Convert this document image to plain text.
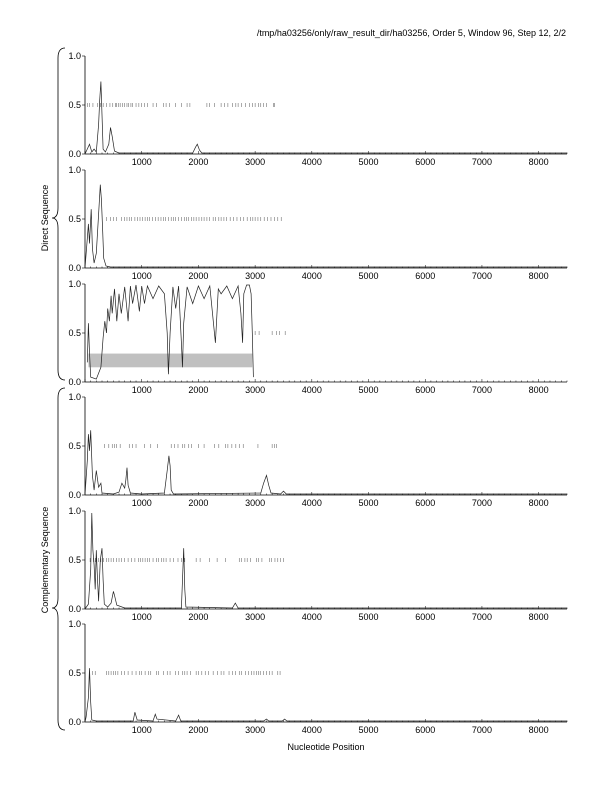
/tmp/ha03256/only/raw_result_dir/ha03256, Order 5, Window 96, Step 12, 2/2
Direct Sequence
Complementary Sequence
1000	2000	3000	4000	5000	6000	7000	8000
0.0
0.5
1.0
1000	2000	3000	4000	5000	6000	7000	8000
0.0
0.5
1.0
1000	2000	3000	4000	5000	6000	7000	8000
0.0
0.5
1.0
1000	2000	3000	4000	5000	6000	7000	8000
0.0
0.5
1.0
1000	2000	3000	4000	5000	6000	7000	8000
0.0
0.5
1.0
1000	2000	3000	4000	5000	6000	7000	8000
0.0
0.5
1.0
Nucleotide Position
